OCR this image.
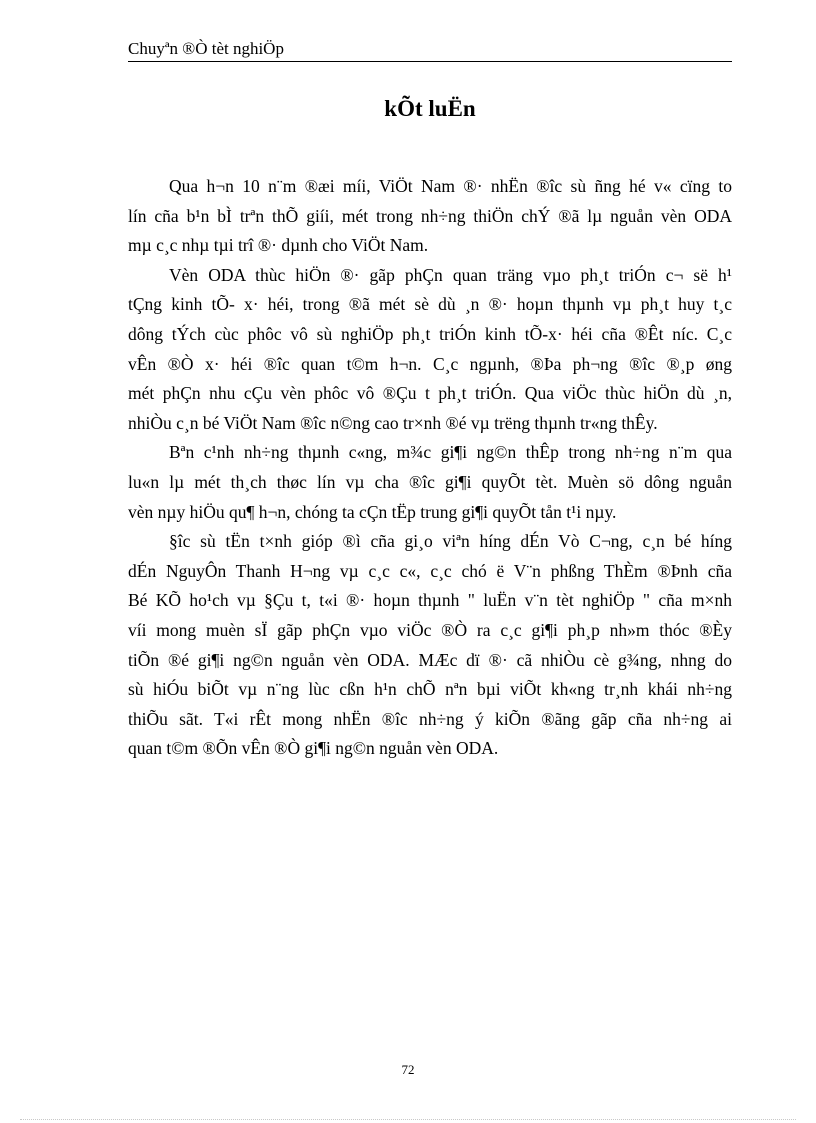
Chuyªn ®Ò tèt nghiÖp
kÕt luËn
Qua h¬n 10 n¨m ®æi míi, ViÖt Nam ®· nhËn ®îc sù ñng hé v« cïng to
lín cña b¹n bÌ trªn thÕ giíi, mét trong nh÷ng thiÖn chÝ ®ã lµ nguån vèn ODA
mµ c¸c nhµ tµi trî ®· dµnh cho ViÖt Nam.
Vèn ODA thùc hiÖn ®· gãp phÇn quan träng vµo ph¸t triÓn c¬ së h¹
tÇng kinh tÕ- x· héi, trong ®ã mét sè dù ¸n ®· hoµn thµnh vµ ph¸t huy t¸c
dông tÝch cùc phôc vô sù nghiÖp ph¸t triÓn kinh tÕ-x· héi cña ®Êt níc. C¸c
vÊn ®Ò x· héi ®îc quan t©m h¬n. C¸c ngµnh, ®Þa ph¬ng ®îc ®¸p øng
mét phÇn nhu cÇu vèn phôc vô ®Çu t ph¸t triÓn. Qua viÖc thùc hiÖn dù ¸n,
nhiÒu c¸n bé ViÖt Nam ®îc n©ng cao tr×nh ®é vµ trëng thµnh tr«ng thÊy.
Bªn c¹nh nh÷ng thµnh c«ng, m¾c gi¶i ng©n thÊp trong nh÷ng n¨m qua
lu«n lµ mét th¸ch thøc lín vµ cha ®îc gi¶i quyÕt tèt. Muèn sö dông nguån
vèn nµy hiÖu qu¶ h¬n, chóng ta cÇn tËp trung gi¶i quyÕt tån t¹i nµy.
§îc sù tËn t×nh gióp ®ì cña gi¸o viªn híng dÉn Vò C¬ng, c¸n bé híng
dÉn NguyÔn Thanh H¬ng vµ c¸c c«, c¸c chó ë V¨n phßng ThÈm ®Þnh cña
Bé KÕ ho¹ch vµ §Çu t, t«i ®· hoµn thµnh " luËn v¨n tèt nghiÖp " cña m×nh
víi mong muèn sÏ gãp phÇn vµo viÖc ®Ò ra c¸c gi¶i ph¸p nh»m thóc ®Èy
tiÕn ®é gi¶i ng©n nguån vèn ODA. MÆc dï ®· cã nhiÒu cè g¾ng, nhng do
sù hiÓu biÕt vµ n¨ng lùc cßn h¹n chÕ nªn bµi viÕt kh«ng tr¸nh khái nh÷ng
thiÕu sãt. T«i rÊt mong nhËn ®îc nh÷ng ý kiÕn ®ãng gãp cña nh÷ng ai
quan t©m ®Õn vÊn ®Ò gi¶i ng©n nguån vèn ODA.
72
